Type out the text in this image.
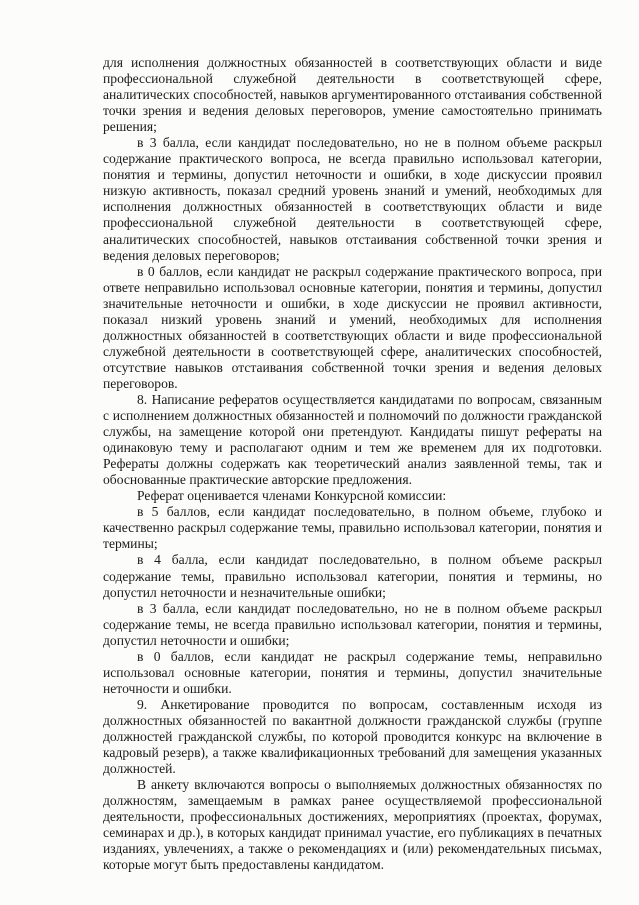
для исполнения должностных обязанностей в соответствующих области и виде профессиональной служебной деятельности в соответствующей сфере, аналитических способностей, навыков аргументированного отстаивания собственной точки зрения и ведения деловых переговоров, умение самостоятельно принимать решения;

в 3 балла, если кандидат последовательно, но не в полном объеме раскрыл содержание практического вопроса, не всегда правильно использовал категории, понятия и термины, допустил неточности и ошибки, в ходе дискуссии проявил низкую активность, показал средний уровень знаний и умений, необходимых для исполнения должностных обязанностей в соответствующих области и виде профессиональной служебной деятельности в соответствующей сфере, аналитических способностей, навыков отстаивания собственной точки зрения и ведения деловых переговоров;

в 0 баллов, если кандидат не раскрыл содержание практического вопроса, при ответе неправильно использовал основные категории, понятия и термины, допустил значительные неточности и ошибки, в ходе дискуссии не проявил активности, показал низкий уровень знаний и умений, необходимых для исполнения должностных обязанностей в соответствующих области и виде профессиональной служебной деятельности в соответствующей сфере, аналитических способностей, отсутствие навыков отстаивания собственной точки зрения и ведения деловых переговоров.

8. Написание рефератов осуществляется кандидатами по вопросам, связанным с исполнением должностных обязанностей и полномочий по должности гражданской службы, на замещение которой они претендуют. Кандидаты пишут рефераты на одинаковую тему и располагают одним и тем же временем для их подготовки. Рефераты должны содержать как теоретический анализ заявленной темы, так и обоснованные практические авторские предложения.

Реферат оценивается членами Конкурсной комиссии:

в 5 баллов, если кандидат последовательно, в полном объеме, глубоко и качественно раскрыл содержание темы, правильно использовал категории, понятия и термины;

в 4 балла, если кандидат последовательно, в полном объеме раскрыл содержание темы, правильно использовал категории, понятия и термины, но допустил неточности и незначительные ошибки;

в 3 балла, если кандидат последовательно, но не в полном объеме раскрыл содержание темы, не всегда правильно использовал категории, понятия и термины, допустил неточности и ошибки;

в 0 баллов, если кандидат не раскрыл содержание темы, неправильно использовал основные категории, понятия и термины, допустил значительные неточности и ошибки.

9. Анкетирование проводится по вопросам, составленным исходя из должностных обязанностей по вакантной должности гражданской службы (группе должностей гражданской службы, по которой проводится конкурс на включение в кадровый резерв), а также квалификационных требований для замещения указанных должностей.

В анкету включаются вопросы о выполняемых должностных обязанностях по должностям, замещаемым в рамках ранее осуществляемой профессиональной деятельности, профессиональных достижениях, мероприятиях (проектах, форумах, семинарах и др.), в которых кандидат принимал участие, его публикациях в печатных изданиях, увлечениях, а также о рекомендациях и (или) рекомендательных письмах, которые могут быть предоставлены кандидатом.
